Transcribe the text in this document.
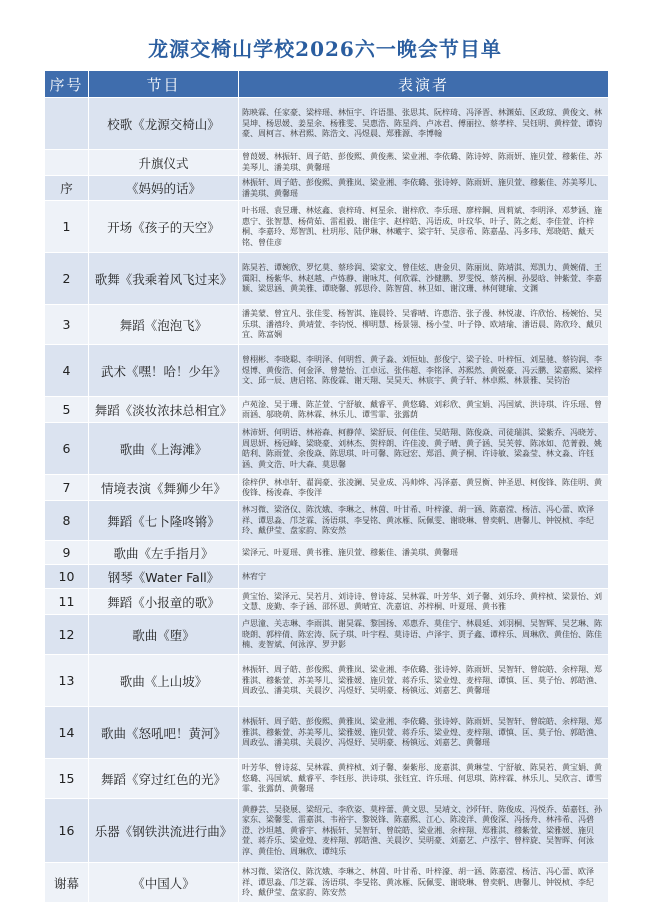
龙源交椅山学校2026六一晚会节目单
序号	节目	表演者
	校歌《龙源交椅山》	陈映霖、任家豪、梁梓瑶、林恒宇、许语墨、张思其、阮梓琦、冯泽晋、林渊茹、区政琼、黄俊文、林昊坤、杨思媛、姜星余、杨雅雯、吴惠浩、陈星尚、卢冰君、傅丽拉、蔡孝梓、吴钰明、黄梓萱、谭钧豪、周柯言、林君熙、陈浩文、冯煜晨、郑雅源、李博翰
	升旗仪式	曾葭媛、林振轩、周子皓、彭俊熙、黄俊燕、梁业湘、李依璐、陈诗婷、陈雨妍、施贝萱、穆紫佳、苏美琴儿、潘美琪、黄馨瑶
序	《妈妈的话》	林振轩、周子皓、彭俊熙、黄雅岚、梁业湘、李依璐、张诗婷、陈雨妍、施贝萱、穆紫佳、苏美琴儿、潘美琪、黄馨瑶
1	开场《孩子的天空》	叶书瑶、袁昱珊、林炫鑫、袁梓琦、柯星余、谢梓欣、李乐瑶、廖梓鋼、周莉斌、李明泽、邓梦涵、施惠宁、张智慧、杨荷茹、雷祖毅、谢佳宇、赵梓皓、冯语成、叶玟华、叶子、陈之彪、李佳萱、许梓桐、李嘉玲、郑智凯、杜玥彤、陆伊琳、林曦宇、梁宇轩、吴彦希、陈嘉晶、冯多玮、郑晓皓、戴天铭、曾佳彦
2	歌舞《我乘着风飞过来》	陈昊若、谭婉欣、罗忆莫、蔡珍润、梁家文、曾佳炫、唐金贝、陈丽岚、陈靖淇、郑凯力、黄婉倩、王霭阳、杨紫华、林赵越、卢炼静、谢咏芃、何欣霖、沙健鹏、罗雯悦、蔡芮桐、孙晏晗、钟紫萱、李嘉颖、梁思涵、黄美雅、谭晓馨、郭思伶、陈智茵、林卫如、谢汶珊、林何键瑜、文渊
3	舞蹈《泡泡飞》	潘美蒙、曾宜凡、张佳雯、杨智淇、施晨铃、吴睿晴、许惠浩、张子漫、林悦凄、许欣怡、杨婉怡、吴乐琪、潘禧玲、黄靖萱、李钧悦、柳明慧、杨景翎、杨小莹、叶子铮、欧靖瑜、潘语晨、陈欣玲、戴贝宜、陈富娴
4	武术《嘿！哈！少年》	曾栩彬、李晓聪、李明泽、何明哲、黄子淼、刘恒灿、彭俊宁、梁子铨、叶梓恒、刘星驰、蔡钧润、李煜博、黄俊浩、何金泽、曾楚怡、江卓远、张伟超、李铭泽、苏熙然、黄锐豪、冯云鹏、梁嘉熙、梁梓文、邱一辰、唐启铭、陈俊霖、谢天翔、吴昊天、林宸宇、黄子轩、林卓熙、林景雅、吴钧治
5	舞蹈《淡妆浓抹总相宜》	卢苑淦、吴于珊、陈芷萱、宁舒敏、戴睿平、黄悠璐、刘彩欣、黄宝娟、冯国斌、洪诗琪、许乐瑶、曾雨涵、邬晓萌、陈林霖、林乐儿、谭雪霏、张露荫
6	歌曲《上海滩》	林沛妍、何明语、林裕森、柯静萍、梁舒辰、何佳佳、吴皓翔、陈俊焱、司徒瑞淇、梁紫乔、冯晓芳、周思妍、杨冠峰、梁晓豪、刘林杰、贺梓朗、许佳凌、黄子晴、黄子涵、吴芙蓉、陈冰如、范菁毅、姚皓利、陈雨萱、余俊焱、陈思琪、叶可馨、陈冠宏、郑滔、黄子桐、许诗敏、梁淼莹、林文淼、许钰涵、黄文浩、叶大森、莫思馨
7	情境表演《舞狮少年》	徐梓伊、林卓轩、翟润豪、张凌澜、吴业成、冯帅烨、冯泽嘉、黄昱衡、钟圣恩、柯俊锋、陈佳明、黄俊锋、杨浚森、李俊洋
8	舞蹈《七卜隆咚锵》	林习微、梁洛仪、陈沈娥、李琳之、林茵、叶甘希、叶梓濠、胡一涵、陈嘉滢、杨洁、冯心蕾、欧泽祥、谭思淼、邝芝霖、汤语琪、李旻铭、黄冰雁、阮佩雯、谢晓琳、曾奕帆、唐馨儿、钟锐桢、李纪玲、戴伊莹、盘家韵、陈安然
9	歌曲《左手指月》	梁泽元、叶夏瑶、黄书雅、施贝萱、穆紫佳、潘美琪、黄馨瑶
10	钢琴《Water Fall》	林宥宁
11	舞蹈《小报童的歌》	黄宝怡、梁泽元、吴若月、刘诗诗、曾诗蕊、吴林霖、叶芳华、刘子馨、刘乐玲、黄梓桢、梁景怡、刘文慧、庞勤、李子涵、邵怀恩、黄晴宜、冼嘉谊、苏梓桐、叶夏瑶、黄书雅
12	歌曲《堕》	卢思潼、关志琳、李雨淇、谢昊霖、黎国扬、邓惠乔、莫佳宁、林晨延、刘羽桐、吴智辉、吴艺琳、陈晓朗、郭梓倩、陈宏涛、阮子琪、叶宇程、莫诗语、卢泽宇、贾子鑫、谭梓乐、周琳欣、黄佳怡、陈佳楠、麦智斌、何泳淳、罗尹影
13	歌曲《上山坡》	林振轩、周子皓、彭俊熙、黄雅岚、梁业湘、李依璐、张诗婷、陈雨妍、吴智轩、曾皖皓、余梓翔、郑雅淇、穆紫萱、苏美琴儿、梁雅媛、施贝萱、蒋乔乐、梁业煌、麦梓翔、谭慎、匡、莫子怡、郭皓渔、周政弘、潘美琪、关晨汐、冯煜妤、吴明豪、杨镇远、刘嘉艺、黄馨瑶
14	歌曲《怒吼吧！黄河》	林振轩、周子皓、彭俊熙、黄雅岚、梁业湘、李依璐、张诗婷、陈雨妍、吴智轩、曾皖皓、余梓翔、郑雅淇、穆紫萱、苏美琴儿、梁雅媛、施贝萱、蒋乔乐、梁业煌、麦梓翔、谭慎、匡、莫子怡、郭皓渔、周政弘、潘美琪、关晨汐、冯煜妤、吴明豪、杨镇远、刘嘉艺、黄馨瑶
15	舞蹈《穿过红色的光》	叶芳华、曾诗蕊、吴林霖、黄梓桢、刘子馨、秦紫彤、庞嘉淇、黄琳莹、宁舒敏、陈昊若、黄宝娟、黄悠璐、冯国斌、戴睿平、李钰彤、洪诗琪、张钰宜、许乐瑶、何思琪、陈梓霖、林乐儿、吴欣言、谭雪霏、张露荫、黄馨瑶
16	乐器《钢铁洪流进行曲》	黄静芸、吴骁展、梁绍元、李欣姿、莫梓蕾、黄文思、吴靖文、沙阡轩、陈俊成、冯悦乔、茹嘉钰、孙家东、梁馨雯、雷嘉淇、韦裕宇、黎锐锋、陈嘉熙、江心、陈凌洋、黄俊深、冯扬舟、林祎希、冯碧澄、沙坦越、黄睿宇、林振轩、吴智轩、曾皖皓、梁业湘、余梓翔、郑雅淇、穆紫萱、梁雅媛、施贝萱、蒋乔乐、梁业煌、麦梓翔、郭皓渔、关晨汐、吴明豪、刘嘉艺、卢泓宇、曾梓旋、吴智晖、何泳淳、黄佳怡、周琳欣、谭纯乐
谢幕	《中国人》	林习微、梁洛仪、陈沈娥、李琳之、林茵、叶甘希、叶梓濠、胡一涵、陈嘉滢、杨洁、冯心蕾、欧泽祥、谭思淼、邝芝霖、汤语琪、李旻铭、黄冰雁、阮佩雯、谢晓琳、曾奕帆、唐馨儿、钟锐桢、李纪玲、戴伊莹、盘家韵、陈安然
